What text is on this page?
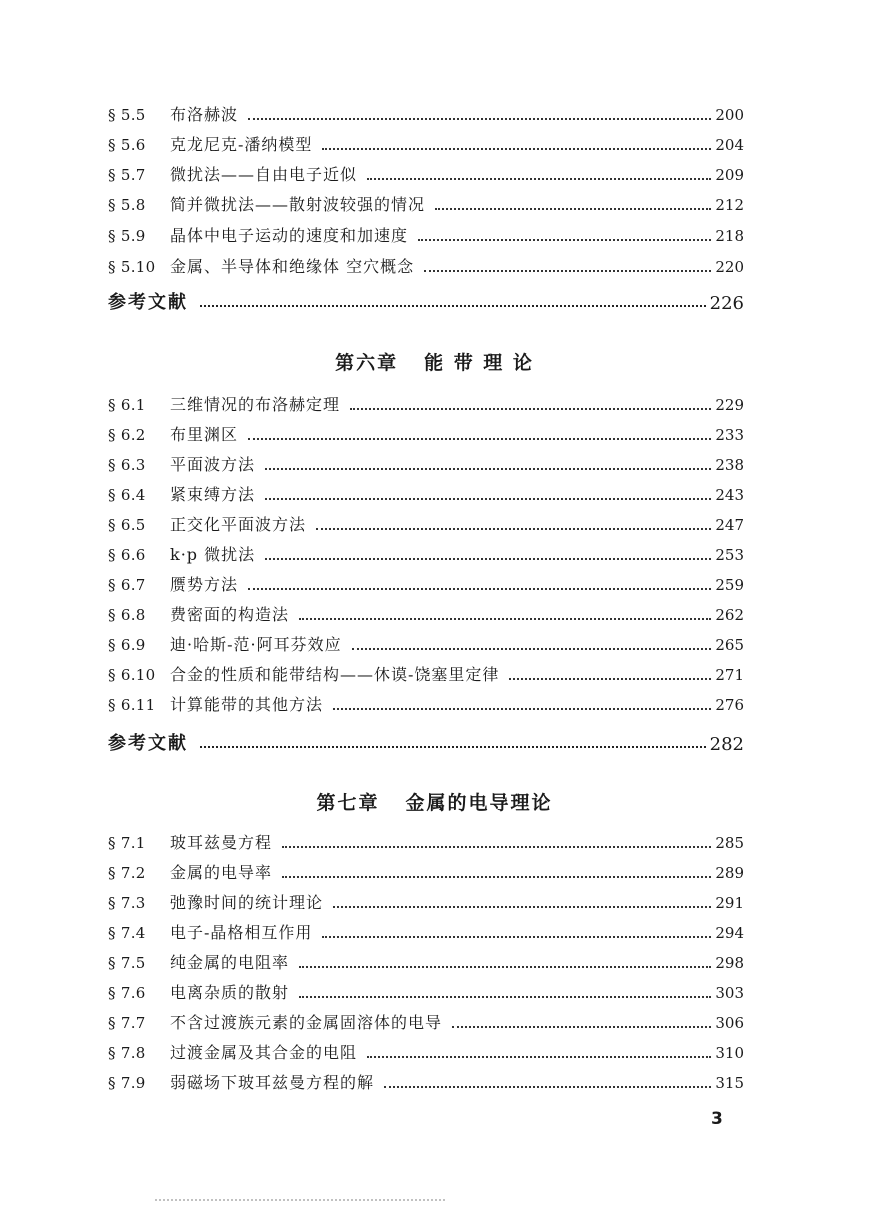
§ 5.5	布洛赫波	200
§ 5.6	克龙尼克-潘纳模型	204
§ 5.7	微扰法——自由电子近似	209
§ 5.8	简并微扰法——散射波较强的情况	212
§ 5.9	晶体中电子运动的速度和加速度	218
§ 5.10 金属、半导体和绝缘体 空穴概念	220
参考文献	226
第六章 能 带 理 论
§ 6.1	三维情况的布洛赫定理	229
§ 6.2	布里渊区	233
§ 6.3	平面波方法	238
§ 6.4	紧束缚方法	243
§ 6.5	正交化平面波方法	247
§ 6.6	k·p 微扰法	253
§ 6.7	赝势方法	259
§ 6.8	费密面的构造法	262
§ 6.9	迪·哈斯-范·阿耳芬效应	265
§ 6.10 合金的性质和能带结构——休谟-饶塞里定律	271
§ 6.11 计算能带的其他方法	276
参考文献	282
第七章 金属的电导理论
§ 7.1	玻耳兹曼方程	285
§ 7.2	金属的电导率	289
§ 7.3	弛豫时间的统计理论	291
§ 7.4	电子-晶格相互作用	294
§ 7.5	纯金属的电阻率	298
§ 7.6	电离杂质的散射	303
§ 7.7	不含过渡族元素的金属固溶体的电导	306
§ 7.8	过渡金属及其合金的电阻	310
§ 7.9	弱磁场下玻耳兹曼方程的解	315
3
